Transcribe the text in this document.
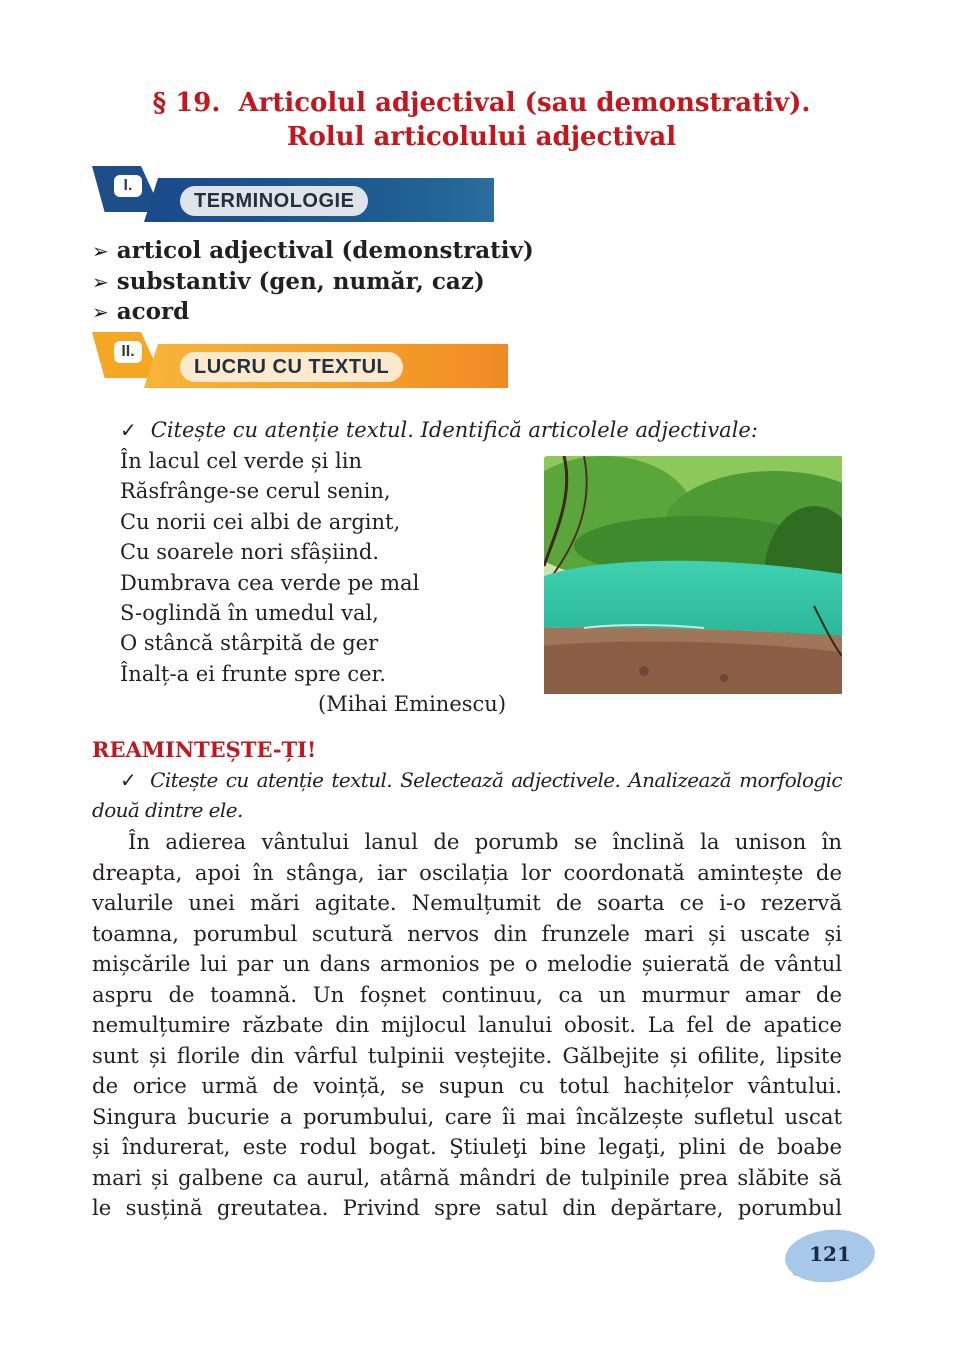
§ 19. Articolul adjectival (sau demonstrativ).
Rolul articolului adjectival
I.
TERMINOLOGIE
➢ articol adjectival (demonstrativ)
➢ substantiv (gen, număr, caz)
➢ acord
II.
LUCRU CU TEXTUL
✓ Citește cu atenție textul. Identifică articolele adjectivale:
În lacul cel verde și lin
Răsfrânge-se cerul senin,
Cu norii cei albi de argint,
Cu soarele nori sfâșiind.
Dumbrava cea verde pe mal
S-oglindă în umedul val,
O stâncă stârpită de ger
Înalț-a ei frunte spre cer.
(Mihai Eminescu)
REAMINTEȘTE-ȚI!
✓ Citește cu atenție textul. Selectează adjectivele. Analizează morfologic două dintre ele.
În adierea vântului lanul de porumb se înclină la unison în
dreapta, apoi în stânga, iar oscilația lor coordonată amintește de
valurile unei mări agitate. Nemulțumit de soarta ce i-o rezervă
toamna, porumbul scutură nervos din frunzele mari și uscate și
mișcările lui par un dans armonios pe o melodie șuierată de vântul
aspru de toamnă. Un foșnet continuu, ca un murmur amar de
nemulțumire răzbate din mijlocul lanului obosit. La fel de apatice
sunt și florile din vârful tulpinii veștejite. Gălbejite și ofilite, lipsite
de orice urmă de voință, se supun cu totul hachițelor vântului.
Singura bucurie a porumbului, care îi mai încălzește sufletul uscat
și îndurerat, este rodul bogat. Ştiuleţi bine legaţi, plini de boabe
mari și galbene ca aurul, atârnă mândri de tulpinile prea slăbite să
le susțină greutatea. Privind spre satul din depărtare, porumbul
121
